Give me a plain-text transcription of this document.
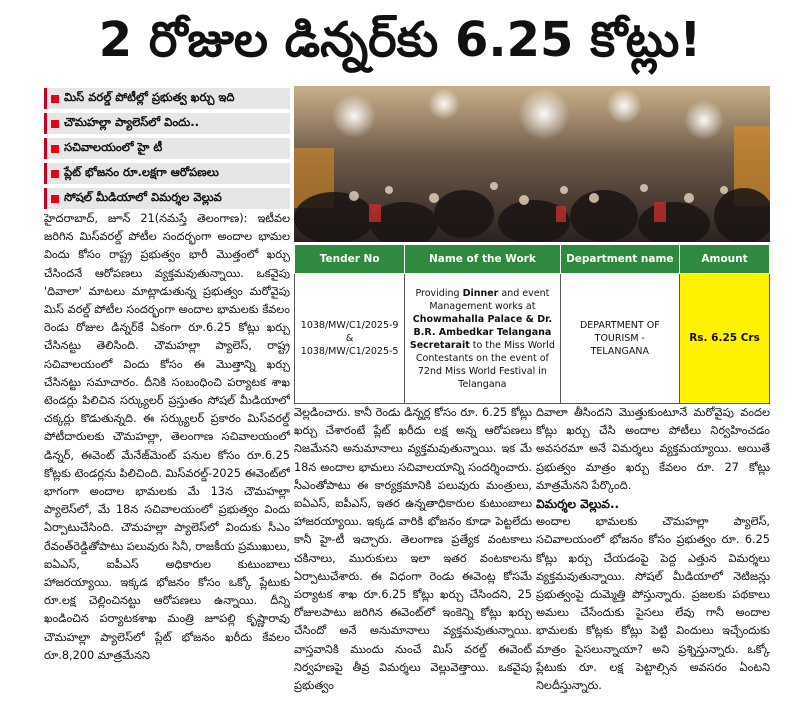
2 రోజుల డిన్నర్‌కు 6.25 కోట్లు!
మిస్ వరల్డ్ పోటీల్లో ప్రభుత్వ ఖర్చు ఇది
చౌమహల్లా ప్యాలెస్‌లో విందు..
సచివాలయంలో హై టీ
ప్లేట్ భోజనం రూ.లక్షగా ఆరోపణలు
సోషల్ మీడియాలో విమర్శల వెల్లువ
Tender No	Name of the Work	Department name	Amount
1038/MW/C1/2025-9
&
1038/MW/C1/2025-5	Providing Dinner and event Management works at Chowmahalla Palace & Dr. B.R. Ambedkar Telangana Secretarait to the Miss World Contestants on the event of 72nd Miss World Festival in Telangana	DEPARTMENT OF TOURISM - TELANGANA	Rs. 6.25 Crs

హైదరాబాద్, జూన్ 21(నమస్తే తెలంగాణ): ఇటీవల జరిగిన మిస్‌వరల్డ్ పోటీల సందర్భంగా అందాల భామల విందు కోసం రాష్ట్ర ప్రభుత్వం భారీ మొత్తంలో ఖర్చు చేసిందనే ఆరోపణలు వ్యక్తమవుతున్నాయి. ఒకవైపు 'దివాలా' మాటలు మాట్లాడుతున్న ప్రభుత్వం మరోవైపు మిస్ వరల్డ్ పోటీల సందర్భంగా అందాల భామలకు కేవలం రెండు రోజుల డిన్నర్‌కే ఏకంగా రూ.6.25 కోట్లు ఖర్చు చేసినట్టు తెలిసింది. చౌమహల్లా ప్యాలెస్, రాష్ట్ర సచివాలయంలో విందు కోసం ఈ మొత్తాన్ని ఖర్చు చేసినట్టు సమాచారం. దీనికి సంబంధించి పర్యాటక శాఖ టెండర్లు పిలిచిన సర్క్యులర్ ప్రస్తుతం సోషల్ మీడియాలో చక్కర్లు కొడుతున్నది. ఈ సర్క్యులర్ ప్రకారం మిస్‌వరల్డ్ పోటీదారులకు చౌమహల్లా, తెలంగాణ సచివాలయంలో డిన్నర్, ఈవెంట్ మేనేజ్‌మెంట్ పనుల కోసం రూ.6.25 కోట్లకు టెండర్లను పిలిచింది. మిస్‌వరల్డ్-2025 ఈవెంట్‌లో భాగంగా అందాల భామలకు మే 13న చౌమహల్లా ప్యాలెస్‌లో, మే 18న సచివాలయంలో ప్రభుత్వం విందు ఏర్పాటుచేసింది. చౌమహల్లా ప్యాలెస్‌లో విందుకు సీఎం రేవంత్‌రెడ్డితోపాటు పలువురు సినీ, రాజకీయ ప్రముఖులు, ఐఏఎస్, ఐపీఎస్ అధికారుల కుటుంబాలు హాజరయ్యాయి. ఇక్కడ భోజనం కోసం ఒక్కో ప్లేటుకు రూ.లక్ష చెల్లించినట్టు ఆరోపణలు ఉన్నాయి. దీన్ని ఖండించిన పర్యాటకశాఖ మంత్రి జూపల్లి కృష్ణారావు చౌమహల్లా ప్యాలెస్‌లో ప్లేట్ భోజనం ఖరీదు కేవలం రూ.8,200 మాత్రమేనని

వెల్లడించారు. కానీ రెండు డిన్నర్ల కోసం రూ. 6.25 కోట్లు ఖర్చు చేశారంటే ప్లేట్ ఖరీదు లక్ష అన్న ఆరోపణలు నిజమేనని అనుమానాలు వ్యక్తమవుతున్నాయి. ఇక మే 18న అందాల భామలు సచివాలయాన్ని సందర్శించారు. సీఎంతోపాటు ఈ కార్యక్రమానికి పలువురు మంత్రులు, ఐఏఎస్, ఐపీఎస్, ఇతర ఉన్నతాధికారుల కుటుంబాలు హాజరయ్యాయి. ఇక్కడ వారికి భోజనం కూడా పెట్టలేదు కానీ హై-టీ ఇచ్చారు. తెలంగాణ ప్రత్యేక వంటకాలు చకినాలు, మురుకులు ఇలా ఇతర వంటకాలను ఏర్పాటుచేశారు. ఈ విధంగా రెండు ఈవెంట్ల కోసమే పర్యాటక శాఖ రూ.6.25 కోట్లు ఖర్చు చేసిందని, 25 రోజులపాటు జరిగిన ఈవెంట్‌లో ఇంకెన్ని కోట్లు ఖర్చు చేసిందో అనే అనుమానాలు వ్యక్తమవుతున్నాయి. వాస్తవానికి ముందు నుంచే మిస్ వరల్డ్ ఈవెంట్ నిర్వహణపై తీవ్ర విమర్శలు వెల్లువెత్తాయి. ఒకవైపు ప్రభుత్వం

దివాలా తీసిందని మొత్తుకుంటూనే మరోవైపు వందల కోట్లు ఖర్చు చేసి అందాల పోటీలు నిర్వహించడం అవసరమా అనే విమర్శలు వ్యక్తమయ్యాయి. అయితే ప్రభుత్వం మాత్రం ఖర్చు కేవలం రూ. 27 కోట్లు మాత్రమేనని పేర్కొంది.

విమర్శల వెల్లువ..

అందాల భామలకు చౌమహల్లా ప్యాలెస్, సచివాలయంలో భోజనం కోసం ప్రభుత్వం రూ. 6.25 కోట్లు ఖర్చు చేయడంపై పెద్ద ఎత్తున విమర్శలు వ్యక్తమవుతున్నాయి. సోషల్ మీడియాలో నెటిజన్లు ప్రభుత్వంపై దుమ్మెత్తి పోస్తున్నారు. ప్రజలకు పథకాలు అమలు చేసేందుకు పైసలు లేవు గానీ అందాల భామలకు కోట్లకు కోట్లు పెట్టి విందులు ఇచ్చేందుకు మాత్రం పైసలున్నాయా? అని ప్రశ్నిస్తున్నారు. ఒక్కో ప్లేటుకు రూ. లక్ష పెట్టాల్సిన అవసరం ఏంటని నిలదీస్తున్నారు.
